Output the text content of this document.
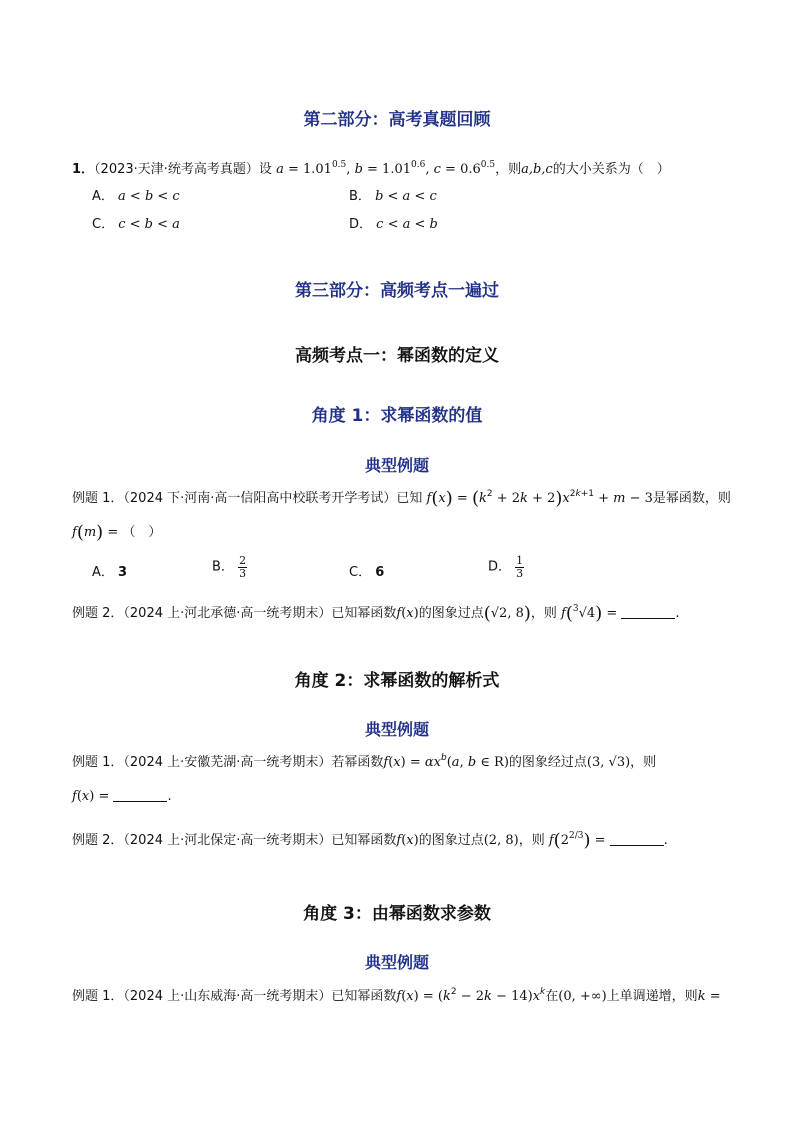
第二部分：高考真题回顾
1．（2023·天津·统考高考真题）设 $a = 1.01^{0.5}$, $b = 1.01^{0.6}$, $c = 0.6^{0.5}$，则a,b,c的大小关系为（　）
A． a < b < c	B． b < a < c
C． c < b < a	D． c < a < b
第三部分：高频考点一遍过
高频考点一：幂函数的定义
角度 1：求幂函数的值
典型例题
例题 1．（2024 下·河南·高一信阳高中校联考开学考试）已知 $f(x) = (k^2 + 2k + 2)x^{2k+1} + m - 3$是幂函数，则
f(m) = （　）
A． 3	B． $\frac{2}{3}$	C． 6	D． $\frac{1}{3}$
例题 2．（2024 上·河北承德·高一统考期末）已知幂函数f(x)的图象过点(√2, 8)，则 f($^3$√4) =	.
角度 2：求幂函数的解析式
典型例题
例题 1．（2024 上·安徽芜湖·高一统考期末）若幂函数$f(x) = \alpha x^b(a$, b ∈ R)的图象经过点(3, √3)，则
f(x) =	.
例题 2．（2024 上·河北保定·高一统考期末）已知幂函数f(x)的图象过点(2, 8)，则 $f(2^{2/3})$ =	.
角度 3：由幂函数求参数
典型例题
例题 1．（2024 上·山东威海·高一统考期末）已知幂函数$f(x) = (k^2 - 2k - 14)x^k$在(0, +∞)上单调递增，则k =
